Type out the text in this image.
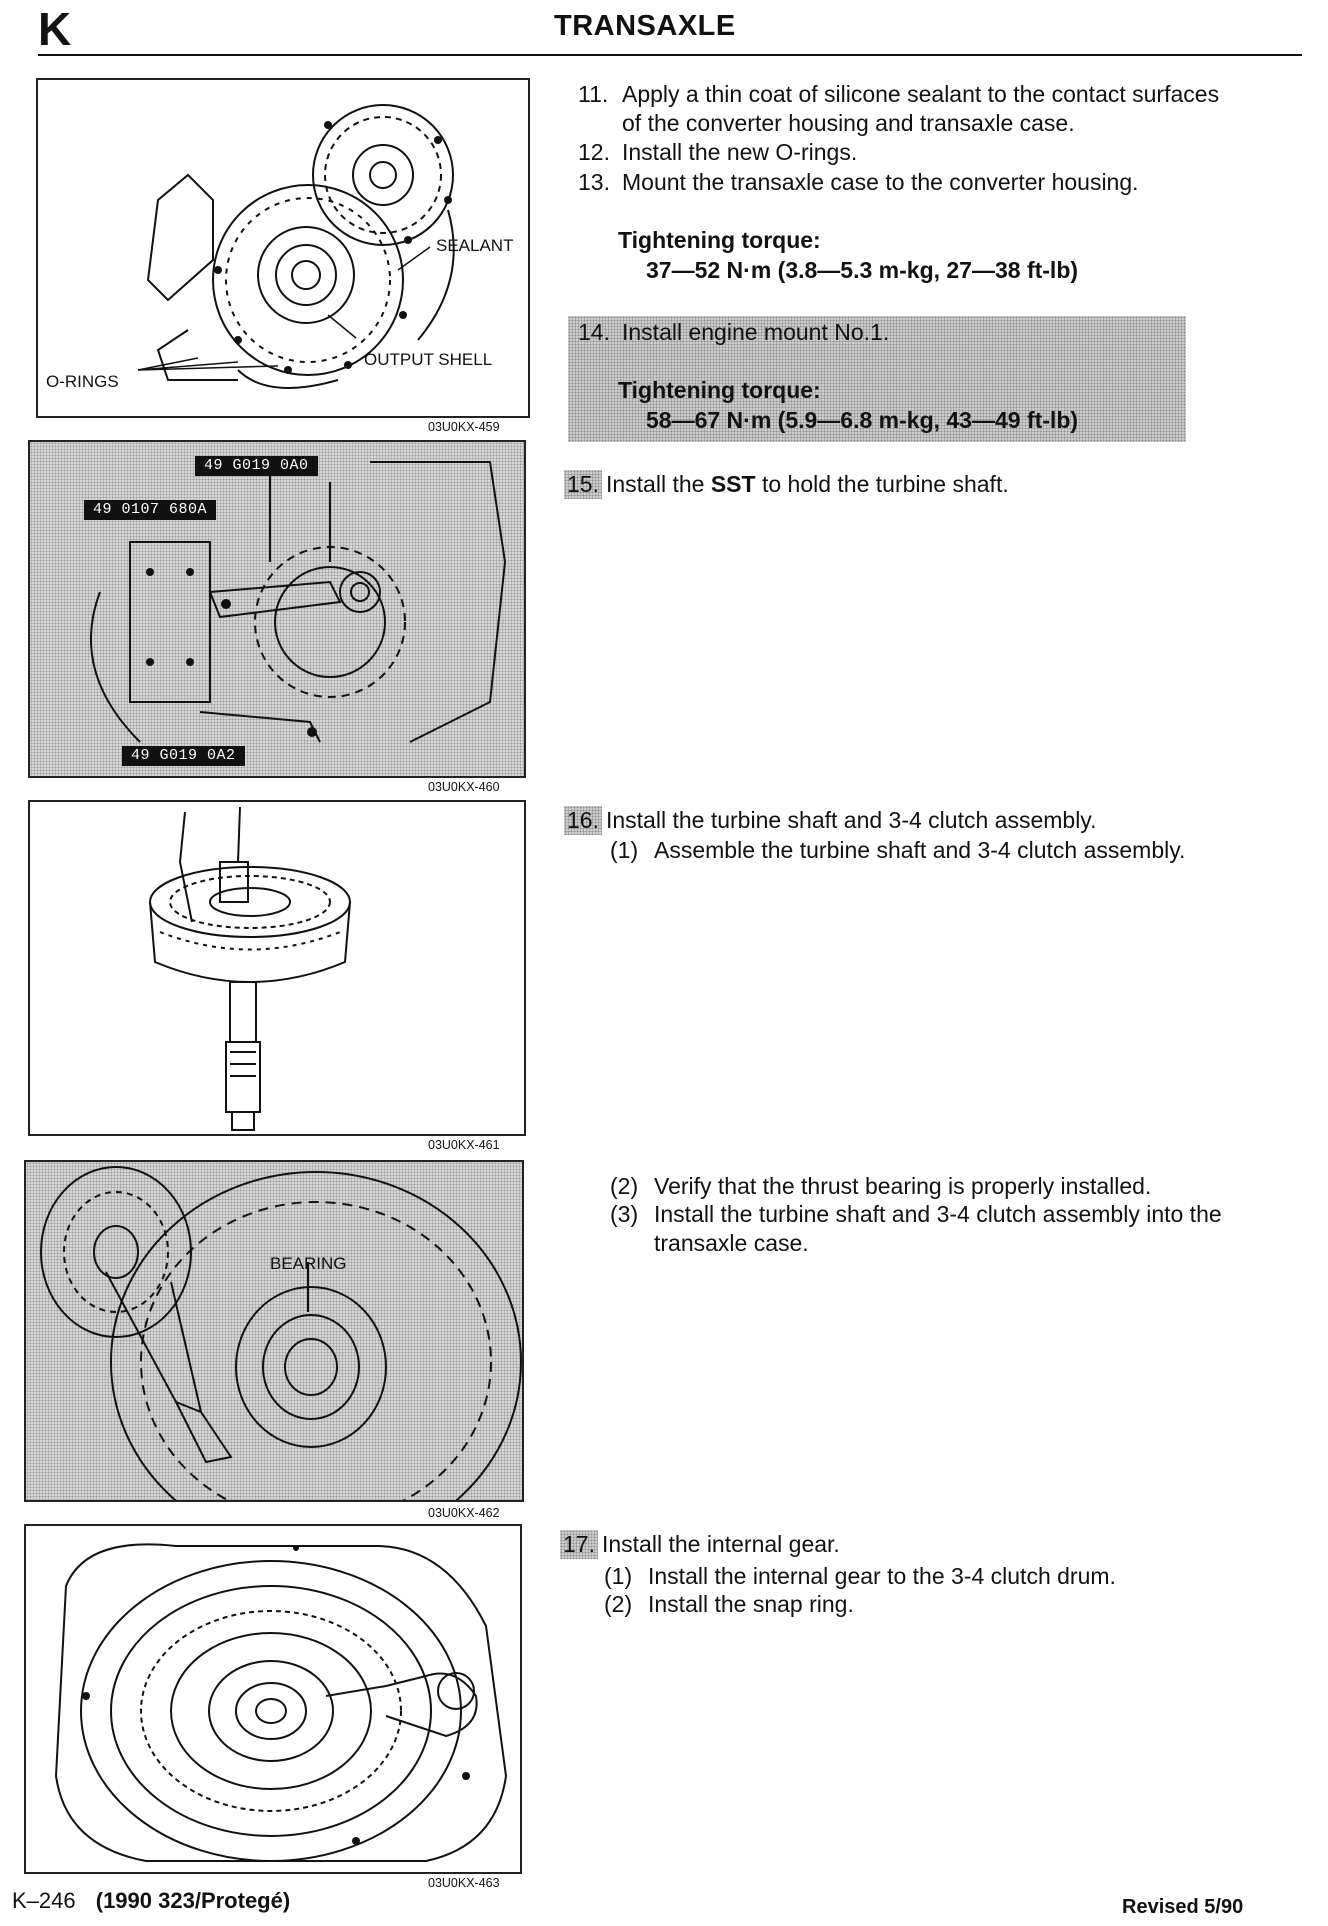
K	TRANSAXLE
SEALANT
OUTPUT SHELL
O-RINGS
03U0KX-459
49 G019 0A0
49 0107 680A
49 G019 0A2
03U0KX-460
03U0KX-461
BEARING
03U0KX-462
03U0KX-463
11. Apply a thin coat of silicone sealant to the contact surfaces
of the converter housing and transaxle case.
12. Install the new O-rings.
13. Mount the transaxle case to the converter housing.
Tightening torque:
37—52 N·m (3.8—5.3 m-kg, 27—38 ft-lb)
14. Install engine mount No.1.
Tightening torque:
58—67 N·m (5.9—6.8 m-kg, 43—49 ft-lb)
15. Install the SST to hold the turbine shaft.
16. Install the turbine shaft and 3-4 clutch assembly.
(1) Assemble the turbine shaft and 3-4 clutch assembly.
(2) Verify that the thrust bearing is properly installed.
(3) Install the turbine shaft and 3-4 clutch assembly into the
transaxle case.
17. Install the internal gear.
(1) Install the internal gear to the 3-4 clutch drum.
(2) Install the snap ring.
K–246 (1990 323/Protegé)	Revised 5/90
